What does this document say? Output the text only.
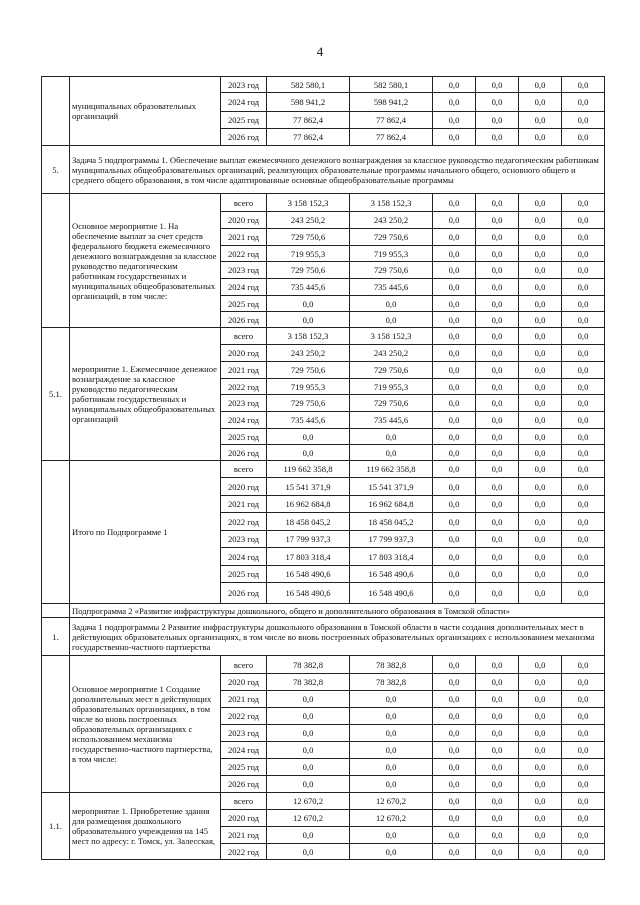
4
	муниципальных образовательных организаций	2023 год	582 580,1	582 580,1	0,0	0,0	0,0	0,0
		2024 год	598 941,2	598 941,2	0,0	0,0	0,0	0,0
		2025 год	77 862,4	77 862,4	0,0	0,0	0,0	0,0
		2026 год	77 862,4	77 862,4	0,0	0,0	0,0	0,0
5.	Задача 5 подпрограммы 1. Обеспечение выплат ежемесячного денежного вознаграждения за классное руководство педагогическим работникам муниципальных общеобразовательных организаций, реализующих образовательные программы начального общего, основного общего и среднего общего образования, в том числе адаптированные основные общеобразовательные программы							
	Основное мероприятие 1. На обеспечение выплат за счет средств федерального бюджета ежемесячного денежного вознаграждения за классное руководство педагогическим работникам государственных и муниципальных общеобразовательных организаций, в том числе:	всего	3 158 152,3	3 158 152,3	0,0	0,0	0,0	0,0
		2020 год	243 250,2	243 250,2	0,0	0,0	0,0	0,0
		2021 год	729 750,6	729 750,6	0,0	0,0	0,0	0,0
		2022 год	719 955,3	719 955,3	0,0	0,0	0,0	0,0
		2023 год	729 750,6	729 750,6	0,0	0,0	0,0	0,0
		2024 год	735 445,6	735 445,6	0,0	0,0	0,0	0,0
		2025 год	0,0	0,0	0,0	0,0	0,0	0,0
		2026 год	0,0	0,0	0,0	0,0	0,0	0,0
5.1.	мероприятие 1. Ежемесячное денежное вознаграждение за классное руководство педагогическим работникам государственных и муниципальных общеобразовательных организаций	всего	3 158 152,3	3 158 152,3	0,0	0,0	0,0	0,0
		2020 год	243 250,2	243 250,2	0,0	0,0	0,0	0,0
		2021 год	729 750,6	729 750,6	0,0	0,0	0,0	0,0
		2022 год	719 955,3	719 955,3	0,0	0,0	0,0	0,0
		2023 год	729 750,6	729 750,6	0,0	0,0	0,0	0,0
		2024 год	735 445,6	735 445,6	0,0	0,0	0,0	0,0
		2025 год	0,0	0,0	0,0	0,0	0,0	0,0
		2026 год	0,0	0,0	0,0	0,0	0,0	0,0
	Итого по Подпрограмме 1	всего	119 662 358,8	119 662 358,8	0,0	0,0	0,0	0,0
		2020 год	15 541 371,9	15 541 371,9	0,0	0,0	0,0	0,0
		2021 год	16 962 684,8	16 962 684,8	0,0	0,0	0,0	0,0
		2022 год	18 458 045,2	18 458 045,2	0,0	0,0	0,0	0,0
		2023 год	17 799 937,3	17 799 937,3	0,0	0,0	0,0	0,0
		2024 год	17 803 318,4	17 803 318,4	0,0	0,0	0,0	0,0
		2025 год	16 548 490,6	16 548 490,6	0,0	0,0	0,0	0,0
		2026 год	16 548 490,6	16 548 490,6	0,0	0,0	0,0	0,0
	Подпрограмма 2 «Развитие инфраструктуры дошкольного, общего и дополнительного образования в Томской области»							
1.	Задача 1 подпрограммы 2 Развитие инфраструктуры дошкольного образования в Томской области в части создания дополнительных мест в действующих образовательных организациях, в том числе во вновь построенных образовательных организациях с использованием механизма государственно-частного партнерства							
	Основное мероприятие 1 Создание дополнительных мест в действующих образовательных организациях, в том числе во вновь построенных образовательных организациях с использованием механизма государственно-частного партнерства, в том числе:	всего	78 382,8	78 382,8	0,0	0,0	0,0	0,0
		2020 год	78 382,8	78 382,8	0,0	0,0	0,0	0,0
		2021 год	0,0	0,0	0,0	0,0	0,0	0,0
		2022 год	0,0	0,0	0,0	0,0	0,0	0,0
		2023 год	0,0	0,0	0,0	0,0	0,0	0,0
		2024 год	0,0	0,0	0,0	0,0	0,0	0,0
		2025 год	0,0	0,0	0,0	0,0	0,0	0,0
		2026 год	0,0	0,0	0,0	0,0	0,0	0,0
1.1.	мероприятие 1. Приобретение здания для размещения дошкольного образовательного учреждения на 145 мест по адресу: г. Томск, ул. Залесская,	всего	12 670,2	12 670,2	0,0	0,0	0,0	0,0
		2020 год	12 670,2	12 670,2	0,0	0,0	0,0	0,0
		2021 год	0,0	0,0	0,0	0,0	0,0	0,0
		2022 год	0,0	0,0	0,0	0,0	0,0	0,0
